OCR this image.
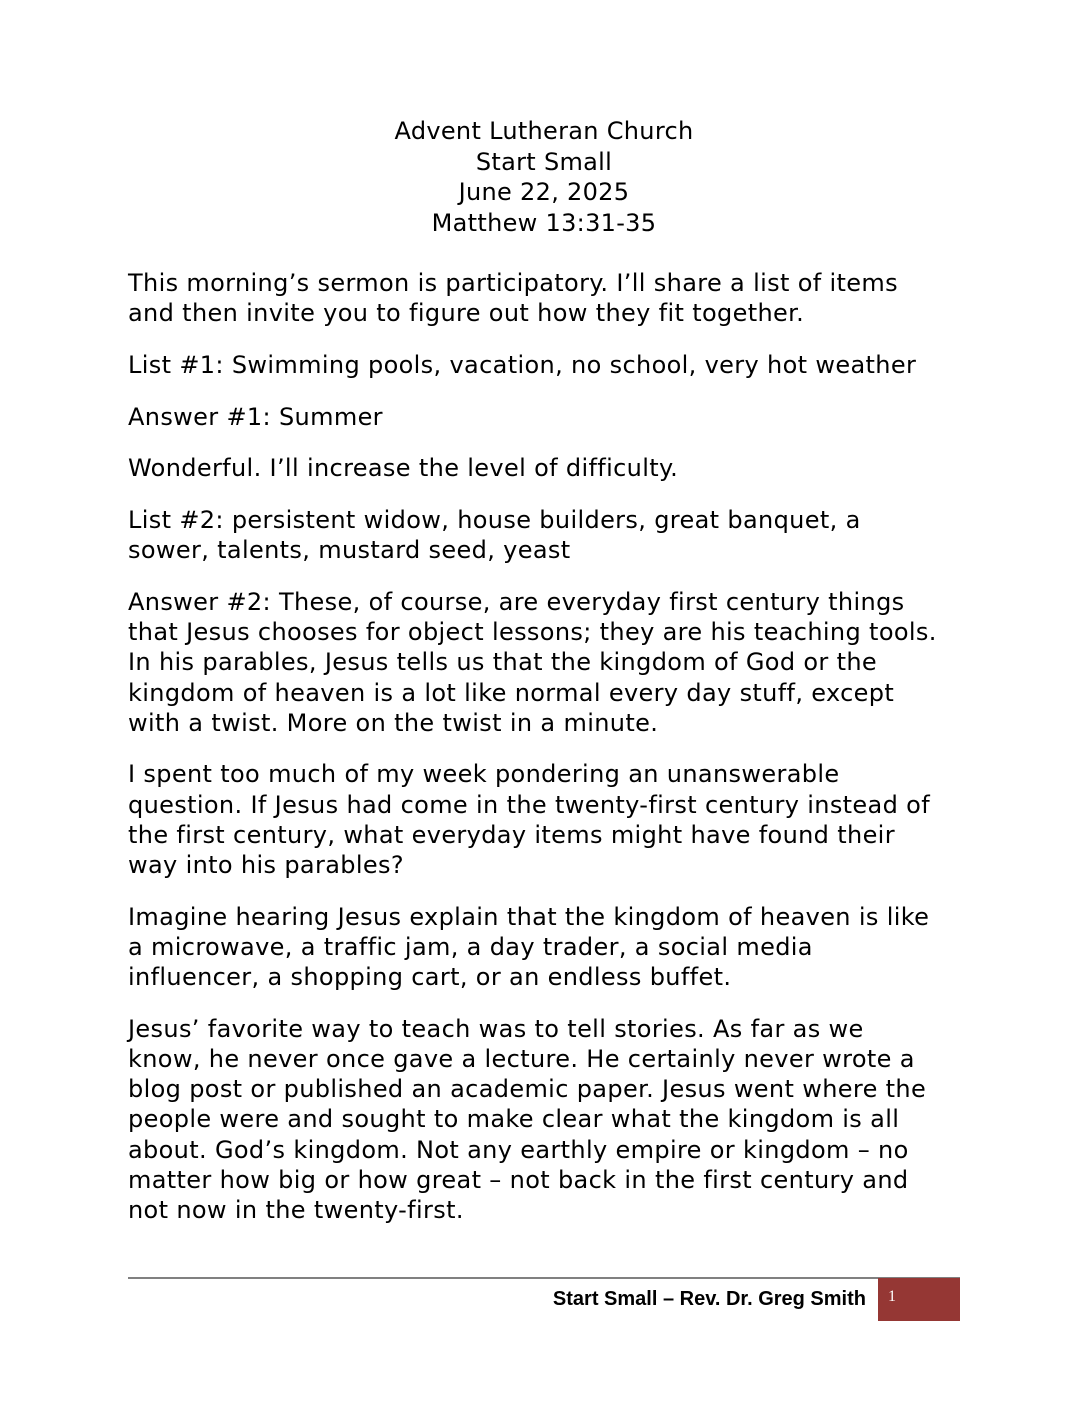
Advent Lutheran Church
Start Small
June 22, 2025
Matthew 13:31-35

This morning’s sermon is participatory. I’ll share a list of items
and then invite you to figure out how they fit together.

List #1: Swimming pools, vacation, no school, very hot weather

Answer #1: Summer

Wonderful. I’ll increase the level of difficulty.

List #2: persistent widow, house builders, great banquet, a
sower, talents, mustard seed, yeast

Answer #2: These, of course, are everyday first century things
that Jesus chooses for object lessons; they are his teaching tools.
In his parables, Jesus tells us that the kingdom of God or the
kingdom of heaven is a lot like normal every day stuff, except
with a twist. More on the twist in a minute.

I spent too much of my week pondering an unanswerable
question. If Jesus had come in the twenty-first century instead of
the first century, what everyday items might have found their
way into his parables?

Imagine hearing Jesus explain that the kingdom of heaven is like
a microwave, a traffic jam, a day trader, a social media
influencer, a shopping cart, or an endless buffet.

Jesus’ favorite way to teach was to tell stories. As far as we
know, he never once gave a lecture. He certainly never wrote a
blog post or published an academic paper. Jesus went where the
people were and sought to make clear what the kingdom is all
about. God’s kingdom. Not any earthly empire or kingdom – no
matter how big or how great – not back in the first century and
not now in the twenty-first.

Start Small – Rev. Dr. Greg Smith 1
